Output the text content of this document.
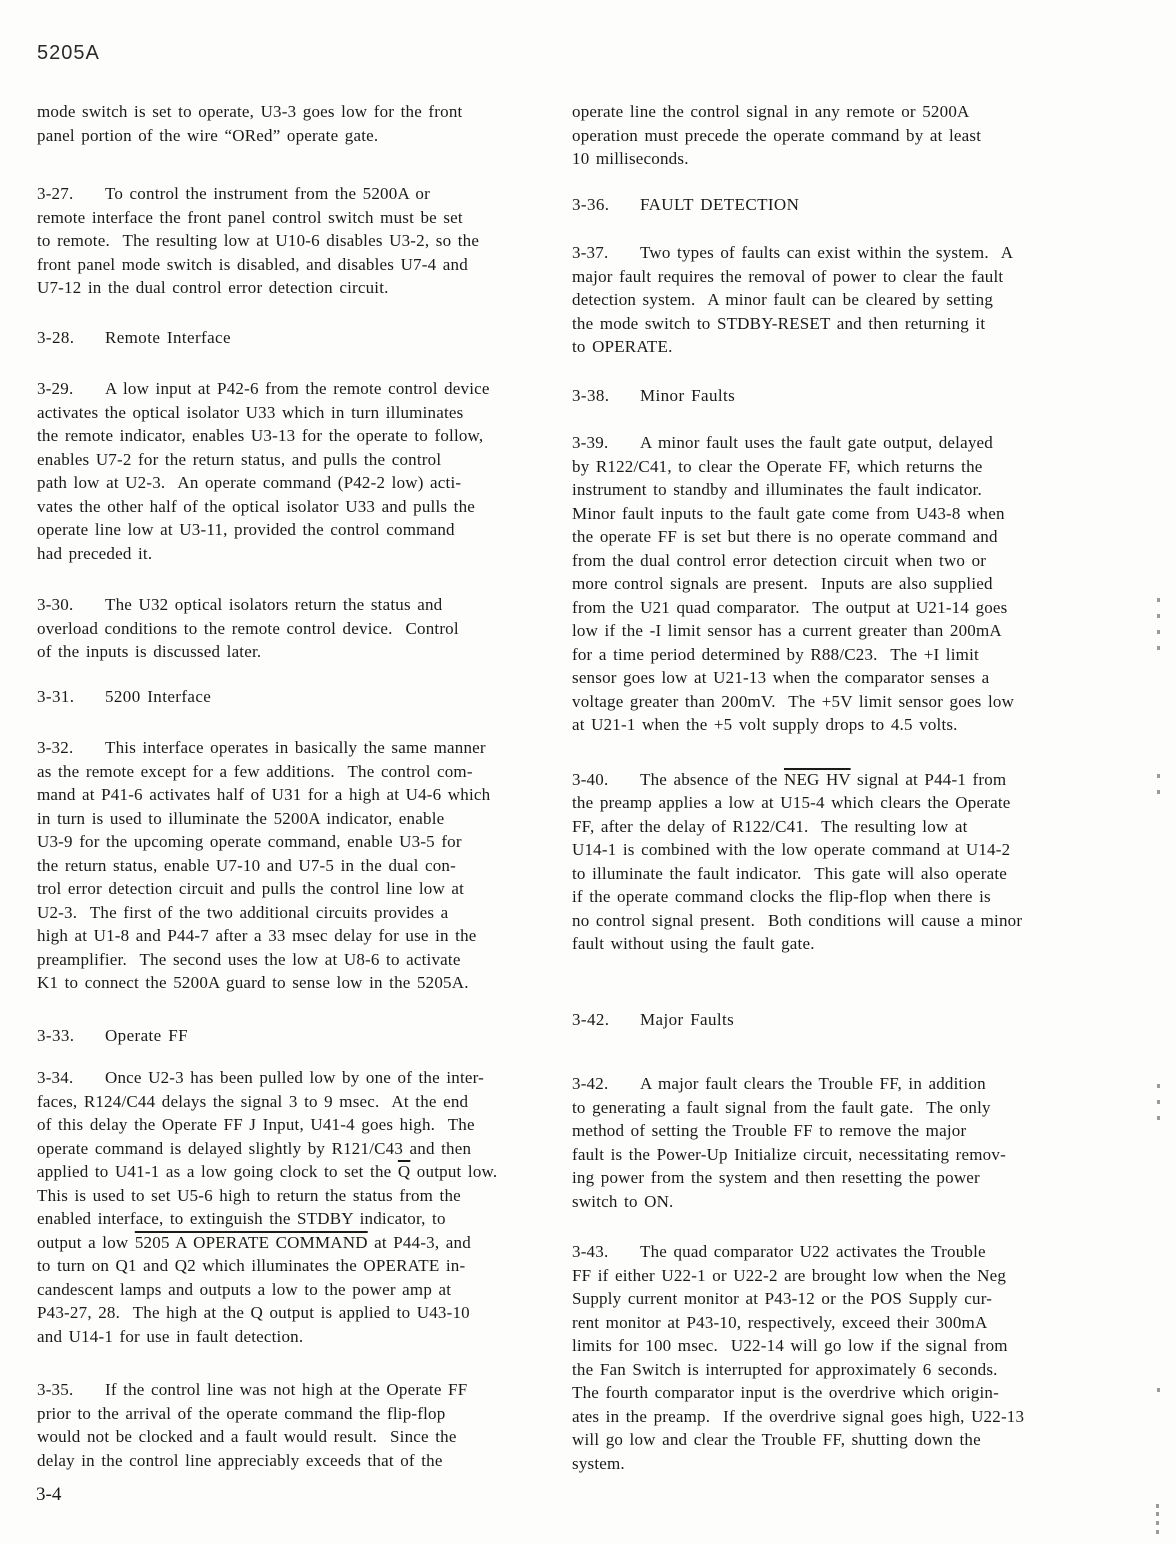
5205A

mode switch is set to operate, U3-3 goes low for the front
panel portion of the wire “ORed” operate gate.

3-27. To control the instrument from the 5200A or
remote interface the front panel control switch must be set
to remote.  The resulting low at U10-6 disables U3-2, so the
front panel mode switch is disabled, and disables U7-4 and
U7-12 in the dual control error detection circuit.

3-28. Remote Interface

3-29. A low input at P42-6 from the remote control device
activates the optical isolator U33 which in turn illuminates
the remote indicator, enables U3-13 for the operate to follow,
enables U7-2 for the return status, and pulls the control
path low at U2-3.  An operate command (P42-2 low) acti-
vates the other half of the optical isolator U33 and pulls the
operate line low at U3-11, provided the control command
had preceded it.

3-30. The U32 optical isolators return the status and
overload conditions to the remote control device.  Control
of the inputs is discussed later.

3-31. 5200 Interface

3-32. This interface operates in basically the same manner
as the remote except for a few additions.  The control com-
mand at P41-6 activates half of U31 for a high at U4-6 which
in turn is used to illuminate the 5200A indicator, enable
U3-9 for the upcoming operate command, enable U3-5 for
the return status, enable U7-10 and U7-5 in the dual con-
trol error detection circuit and pulls the control line low at
U2-3.  The first of the two additional circuits provides a
high at U1-8 and P44-7 after a 33 msec delay for use in the
preamplifier.  The second uses the low at U8-6 to activate
K1 to connect the 5200A guard to sense low in the 5205A.

3-33. Operate FF

3-34. Once U2-3 has been pulled low by one of the inter-
faces, R124/C44 delays the signal 3 to 9 msec.  At the end
of this delay the Operate FF J Input, U41-4 goes high.  The
operate command is delayed slightly by R121/C43 and then
applied to U41-1 as a low going clock to set the $\overline{Q}$ output low.
This is used to set U5-6 high to return the status from the
enabled interface, to extinguish the STDBY indicator, to
output a low 5205 A OPERATE COMMAND at P44-3, and
to turn on Q1 and Q2 which illuminates the OPERATE in-
candescent lamps and outputs a low to the power amp at
P43-27, 28.  The high at the Q output is applied to U43-10
and U14-1 for use in fault detection.

3-35. If the control line was not high at the Operate FF
prior to the arrival of the operate command the flip-flop
would not be clocked and a fault would result.  Since the
delay in the control line appreciably exceeds that of the

operate line the control signal in any remote or 5200A
operation must precede the operate command by at least
10 milliseconds.

3-36. FAULT DETECTION

3-37. Two types of faults can exist within the system.  A
major fault requires the removal of power to clear the fault
detection system.  A minor fault can be cleared by setting
the mode switch to STDBY-RESET and then returning it
to OPERATE.

3-38. Minor Faults

3-39. A minor fault uses the fault gate output, delayed
by R122/C41, to clear the Operate FF, which returns the
instrument to standby and illuminates the fault indicator.
Minor fault inputs to the fault gate come from U43-8 when
the operate FF is set but there is no operate command and
from the dual control error detection circuit when two or
more control signals are present.  Inputs are also supplied
from the U21 quad comparator.  The output at U21-14 goes
low if the -I limit sensor has a current greater than 200mA
for a time period determined by R88/C23.  The +I limit
sensor goes low at U21-13 when the comparator senses a
voltage greater than 200mV.  The +5V limit sensor goes low
at U21-1 when the +5 volt supply drops to 4.5 volts.

3-40. The absence of the NEG HV signal at P44-1 from
the preamp applies a low at U15-4 which clears the Operate
FF, after the delay of R122/C41.  The resulting low at
U14-1 is combined with the low operate command at U14-2
to illuminate the fault indicator.  This gate will also operate
if the operate command clocks the flip-flop when there is
no control signal present.  Both conditions will cause a minor
fault without using the fault gate.

3-42. Major Faults

3-42. A major fault clears the Trouble FF, in addition
to generating a fault signal from the fault gate.  The only
method of setting the Trouble FF to remove the major
fault is the Power-Up Initialize circuit, necessitating remov-
ing power from the system and then resetting the power
switch to ON.

3-43. The quad comparator U22 activates the Trouble
FF if either U22-1 or U22-2 are brought low when the Neg
Supply current monitor at P43-12 or the POS Supply cur-
rent monitor at P43-10, respectively, exceed their 300mA
limits for 100 msec.  U22-14 will go low if the signal from
the Fan Switch is interrupted for approximately 6 seconds.
The fourth comparator input is the overdrive which origin-
ates in the preamp.  If the overdrive signal goes high, U22-13
will go low and clear the Trouble FF, shutting down the
system.

3-4
